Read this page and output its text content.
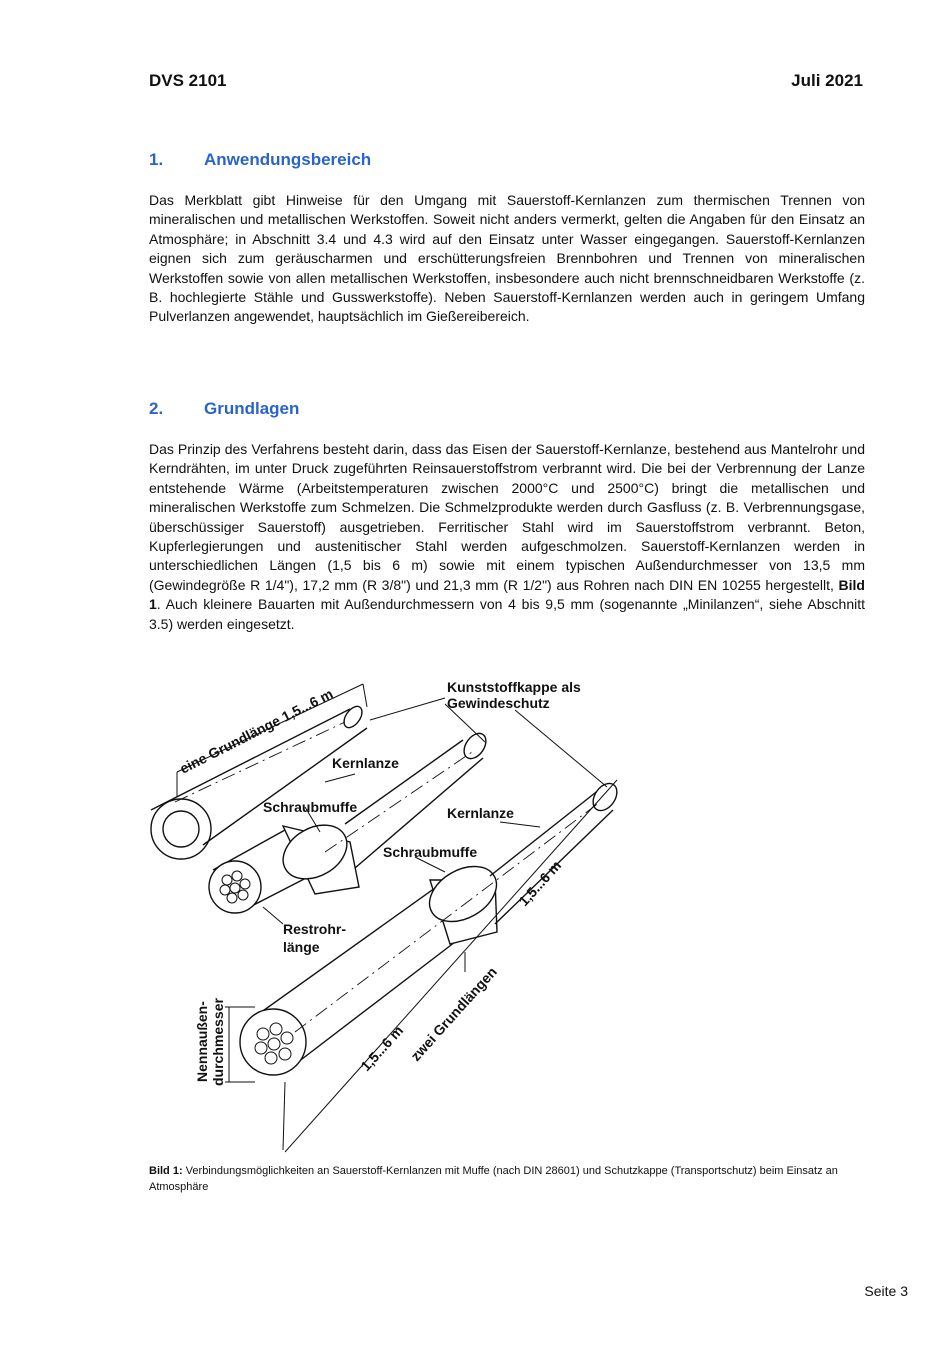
DVS 2101	Juli 2021
1. Anwendungsbereich

Das Merkblatt gibt Hinweise für den Umgang mit Sauerstoff-Kernlanzen zum thermischen Trennen von mineralischen und metallischen Werkstoffen. Soweit nicht anders vermerkt, gelten die Angaben für den Einsatz an Atmosphäre; in Abschnitt 3.4 und 4.3 wird auf den Einsatz unter Wasser eingegangen. Sauerstoff-Kernlanzen eignen sich zum geräuscharmen und erschütterungsfreien Brennbohren und Trennen von mineralischen Werkstoffen sowie von allen metallischen Werkstoffen, insbesondere auch nicht brennschneidbaren Werkstoffe (z. B. hochlegierte Stähle und Gusswerkstoffe). Neben Sauerstoff-Kernlanzen werden auch in geringem Umfang Pulverlanzen angewendet, hauptsächlich im Gießereibereich.

2. Grundlagen

Das Prinzip des Verfahrens besteht darin, dass das Eisen der Sauerstoff-Kernlanze, bestehend aus Mantelrohr und Kerndrähten, im unter Druck zugeführten Reinsauerstoffstrom verbrannt wird. Die bei der Verbrennung der Lanze entstehende Wärme (Arbeitstemperaturen zwischen 2000°C und 2500°C) bringt die metallischen und mineralischen Werkstoffe zum Schmelzen. Die Schmelzprodukte werden durch Gasfluss (z. B. Verbrennungsgase, überschüssiger Sauerstoff) ausgetrieben. Ferritischer Stahl wird im Sauerstoffstrom verbrannt. Beton, Kupferlegierungen und austenitischer Stahl werden aufgeschmolzen. Sauerstoff-Kernlanzen werden in unterschiedlichen Längen (1,5 bis 6 m) sowie mit einem typischen Außendurchmesser von 13,5 mm (Gewindegröße R 1/4"), 17,2 mm (R 3/8") und 21,3 mm (R 1/2") aus Rohren nach DIN EN 10255 hergestellt, Bild 1. Auch kleinere Bauarten mit Außendurchmessern von 4 bis 9,5 mm (sogenannte „Minilanzen“, siehe Abschnitt 3.5) werden eingesetzt.

Kunststoffkappe als
Gewindeschutz
eine Grundlänge 1,5...6 m
Kernlanze
Schraubmuffe	Kernlanze
Schraubmuffe
Restrohr-
länge
Nennaußen- durchmesser
1,5...6 m
1,5...6 m zwei Grundlängen
Bild 1: Verbindungsmöglichkeiten an Sauerstoff-Kernlanzen mit Muffe (nach DIN 28601) und Schutzkappe (Transportschutz) beim Einsatz an Atmosphäre
Seite 3
